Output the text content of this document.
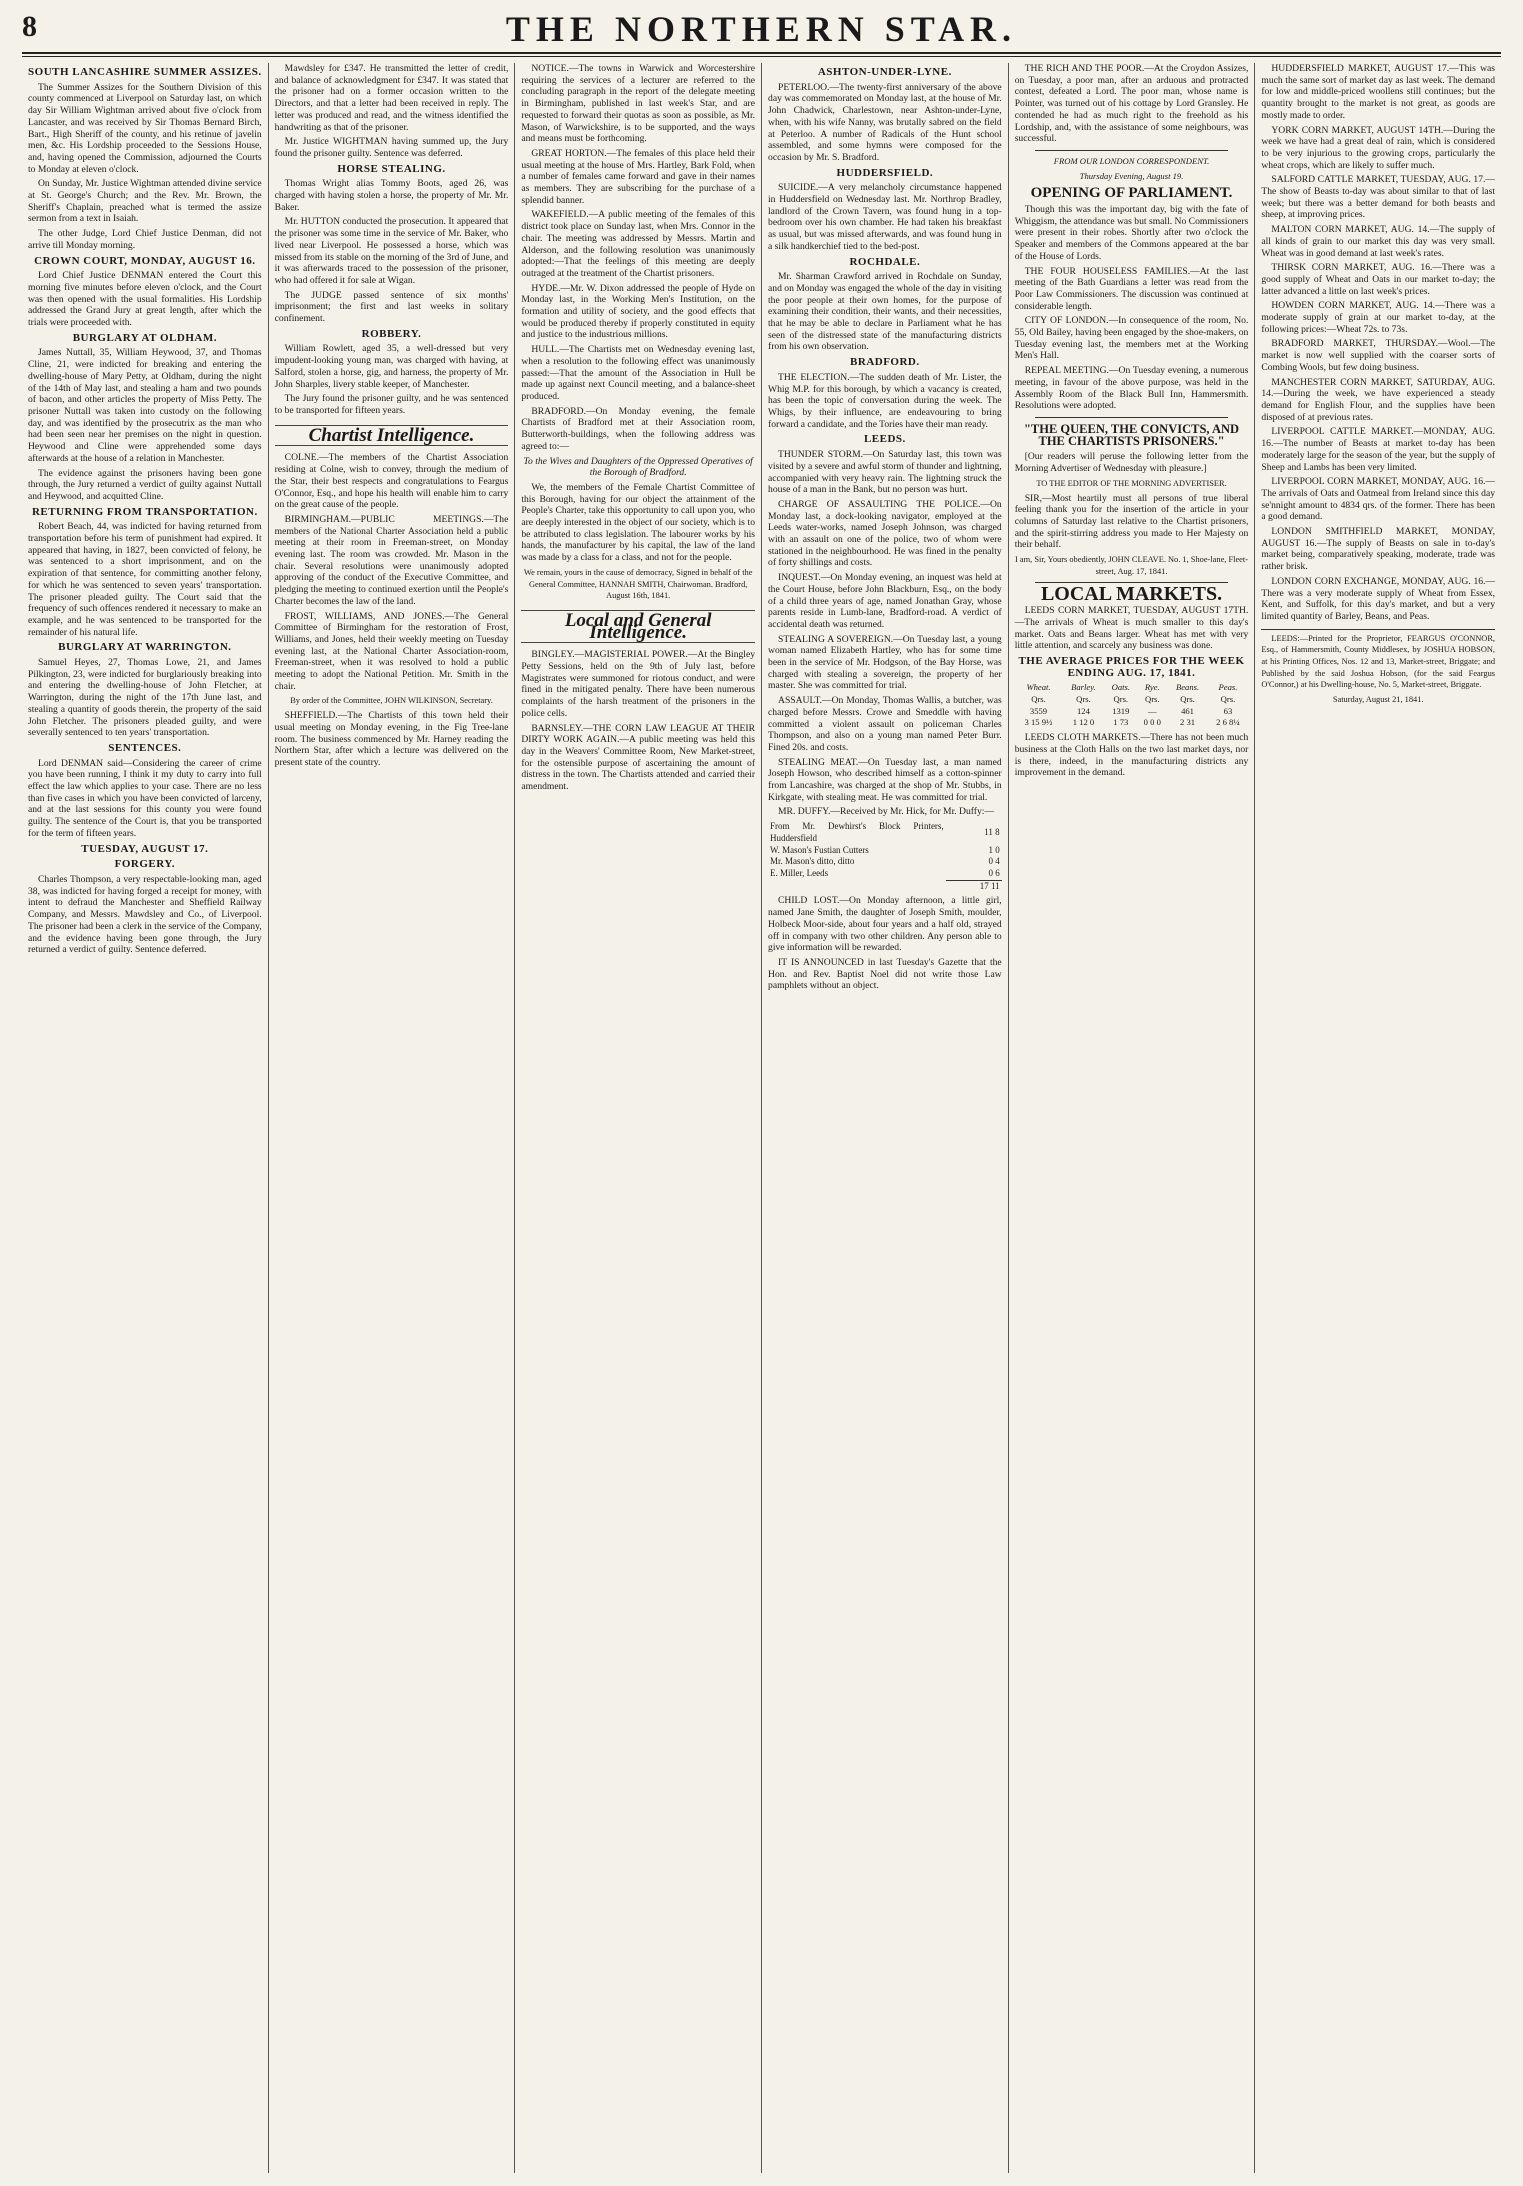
8	THE NORTHERN STAR.
SOUTH LANCASHIRE SUMMER ASSIZES.

The Summer Assizes for the Southern Division of this county commenced at Liverpool on Saturday last, on which day Sir William Wightman arrived about five o'clock from Lancaster, and was received by Sir Thomas Bernard Birch, Bart., High Sheriff of the county, and his retinue of javelin men, &c. His Lordship proceeded to the Sessions House, and, having opened the Commission, adjourned the Courts to Monday at eleven o'clock.

On Sunday, Mr. Justice Wightman attended divine service at St. George's Church; and the Rev. Mr. Brown, the Sheriff's Chaplain, preached what is termed the assize sermon from a text in Isaiah.

The other Judge, Lord Chief Justice Denman, did not arrive till Monday morning.

CROWN COURT, MONDAY, AUGUST 16.

Lord Chief Justice DENMAN entered the Court this morning five minutes before eleven o'clock, and the Court was then opened with the usual formalities. His Lordship addressed the Grand Jury at great length, after which the trials were proceeded with.

BURGLARY AT OLDHAM.

James Nuttall, 35, William Heywood, 37, and Thomas Cline, 21, were indicted for breaking and entering the dwelling-house of Mary Petty, at Oldham, during the night of the 14th of May last, and stealing a ham and two pounds of bacon, and other articles the property of Miss Petty. The prisoner Nuttall was taken into custody on the following day, and was identified by the prosecutrix as the man who had been seen near her premises on the night in question. Heywood and Cline were apprehended some days afterwards at the house of a relation in Manchester.

The evidence against the prisoners having been gone through, the Jury returned a verdict of guilty against Nuttall and Heywood, and acquitted Cline.

RETURNING FROM TRANSPORTATION.

Robert Beach, 44, was indicted for having returned from transportation before his term of punishment had expired. It appeared that having, in 1827, been convicted of felony, he was sentenced to a short imprisonment, and on the expiration of that sentence, for committing another felony, for which he was sentenced to seven years' transportation. The prisoner pleaded guilty. The Court said that the frequency of such offences rendered it necessary to make an example, and he was sentenced to be transported for the remainder of his natural life.

BURGLARY AT WARRINGTON.

Samuel Heyes, 27, Thomas Lowe, 21, and James Pilkington, 23, were indicted for burglariously breaking into and entering the dwelling-house of John Fletcher, at Warrington, during the night of the 17th June last, and stealing a quantity of goods therein, the property of the said John Fletcher. The prisoners pleaded guilty, and were severally sentenced to ten years' transportation.

SENTENCES.

Lord DENMAN said—Considering the career of crime you have been running, I think it my duty to carry into full effect the law which applies to your case. There are no less than five cases in which you have been convicted of larceny, and at the last sessions for this county you were found guilty. The sentence of the Court is, that you be transported for the term of fifteen years.

TUESDAY, AUGUST 17.
FORGERY.

Charles Thompson, a very respectable-looking man, aged 38, was indicted for having forged a receipt for money, with intent to defraud the Manchester and Sheffield Railway Company, and Messrs. Mawdsley and Co., of Liverpool. The prisoner had been a clerk in the service of the Company, and the evidence having been gone through, the Jury returned a verdict of guilty. Sentence deferred.

Mawdsley for £347. He transmitted the letter of credit, and balance of acknowledgment for £347. It was stated that the prisoner had on a former occasion written to the Directors, and that a letter had been received in reply. The letter was produced and read, and the witness identified the handwriting as that of the prisoner.

Mr. Justice WIGHTMAN having summed up, the Jury found the prisoner guilty. Sentence was deferred.

HORSE STEALING.

Thomas Wright alias Tommy Boots, aged 26, was charged with having stolen a horse, the property of Mr. Mr. Baker.

Mr. HUTTON conducted the prosecution. It appeared that the prisoner was some time in the service of Mr. Baker, who lived near Liverpool. He possessed a horse, which was missed from its stable on the morning of the 3rd of June, and it was afterwards traced to the possession of the prisoner, who had offered it for sale at Wigan.

The JUDGE passed sentence of six months' imprisonment; the first and last weeks in solitary confinement.

ROBBERY.

William Rowlett, aged 35, a well-dressed but very impudent-looking young man, was charged with having, at Salford, stolen a horse, gig, and harness, the property of Mr. John Sharples, livery stable keeper, of Manchester.

The Jury found the prisoner guilty, and he was sentenced to be transported for fifteen years.

Chartist Intelligence.

COLNE.—The members of the Chartist Association residing at Colne, wish to convey, through the medium of the Star, their best respects and congratulations to Feargus O'Connor, Esq., and hope his health will enable him to carry on the great cause of the people.

BIRMINGHAM.—PUBLIC MEETINGS.—The members of the National Charter Association held a public meeting at their room in Freeman-street, on Monday evening last. The room was crowded. Mr. Mason in the chair. Several resolutions were unanimously adopted approving of the conduct of the Executive Committee, and pledging the meeting to continued exertion until the People's Charter becomes the law of the land.

FROST, WILLIAMS, AND JONES.—The General Committee of Birmingham for the restoration of Frost, Williams, and Jones, held their weekly meeting on Tuesday evening last, at the National Charter Association-room, Freeman-street, when it was resolved to hold a public meeting to adopt the National Petition. Mr. Smith in the chair.

By order of the Committee, JOHN WILKINSON, Secretary.

SHEFFIELD.—The Chartists of this town held their usual meeting on Monday evening, in the Fig Tree-lane room. The business commenced by Mr. Harney reading the Northern Star, after which a lecture was delivered on the present state of the country.

NOTICE.—The towns in Warwick and Worcestershire requiring the services of a lecturer are referred to the concluding paragraph in the report of the delegate meeting in Birmingham, published in last week's Star, and are requested to forward their quotas as soon as possible, as Mr. Mason, of Warwickshire, is to be supported, and the ways and means must be forthcoming.

GREAT HORTON.—The females of this place held their usual meeting at the house of Mrs. Hartley, Bark Fold, when a number of females came forward and gave in their names as members. They are subscribing for the purchase of a splendid banner.

WAKEFIELD.—A public meeting of the females of this district took place on Sunday last, when Mrs. Connor in the chair. The meeting was addressed by Messrs. Martin and Alderson, and the following resolution was unanimously adopted:—That the feelings of this meeting are deeply outraged at the treatment of the Chartist prisoners.

HYDE.—Mr. W. Dixon addressed the people of Hyde on Monday last, in the Working Men's Institution, on the formation and utility of society, and the good effects that would be produced thereby if properly constituted in equity and justice to the industrious millions.

HULL.—The Chartists met on Wednesday evening last, when a resolution to the following effect was unanimously passed:—That the amount of the Association in Hull be made up against next Council meeting, and a balance-sheet produced.

BRADFORD.—On Monday evening, the female Chartists of Bradford met at their Association room, Butterworth-buildings, when the following address was agreed to:—

To the Wives and Daughters of the Oppressed Operatives of the Borough of Bradford.

We, the members of the Female Chartist Committee of this Borough, having for our object the attainment of the People's Charter, take this opportunity to call upon you, who are deeply interested in the object of our society, which is to be attributed to class legislation. The labourer works by his hands, the manufacturer by his capital, the law of the land was made by a class for a class, and not for the people.

We remain, yours in the cause of democracy, Signed in behalf of the General Committee, HANNAH SMITH, Chairwoman. Bradford, August 16th, 1841.

Local and General Intelligence.

BINGLEY.—MAGISTERIAL POWER.—At the Bingley Petty Sessions, held on the 9th of July last, before Magistrates were summoned for riotous conduct, and were fined in the mitigated penalty. There have been numerous complaints of the harsh treatment of the prisoners in the police cells.

BARNSLEY.—THE CORN LAW LEAGUE AT THEIR DIRTY WORK AGAIN.—A public meeting was held this day in the Weavers' Committee Room, New Market-street, for the ostensible purpose of ascertaining the amount of distress in the town. The Chartists attended and carried their amendment.

ASHTON-UNDER-LYNE.

PETERLOO.—The twenty-first anniversary of the above day was commemorated on Monday last, at the house of Mr. John Chadwick, Charlestown, near Ashton-under-Lyne, when, with his wife Nanny, was brutally sabred on the field at Peterloo. A number of Radicals of the Hunt school assembled, and some hymns were composed for the occasion by Mr. S. Bradford.

HUDDERSFIELD.

SUICIDE.—A very melancholy circumstance happened in Huddersfield on Wednesday last. Mr. Northrop Bradley, landlord of the Crown Tavern, was found hung in a top-bedroom over his own chamber. He had taken his breakfast as usual, but was missed afterwards, and was found hung in a silk handkerchief tied to the bed-post.

ROCHDALE.

Mr. Sharman Crawford arrived in Rochdale on Sunday, and on Monday was engaged the whole of the day in visiting the poor people at their own homes, for the purpose of examining their condition, their wants, and their necessities, that he may be able to declare in Parliament what he has seen of the distressed state of the manufacturing districts from his own observation.

BRADFORD.

THE ELECTION.—The sudden death of Mr. Lister, the Whig M.P. for this borough, by which a vacancy is created, has been the topic of conversation during the week. The Whigs, by their influence, are endeavouring to bring forward a candidate, and the Tories have their man ready.

LEEDS.

THUNDER STORM.—On Saturday last, this town was visited by a severe and awful storm of thunder and lightning, accompanied with very heavy rain. The lightning struck the house of a man in the Bank, but no person was hurt.

CHARGE OF ASSAULTING THE POLICE.—On Monday last, a dock-looking navigator, employed at the Leeds water-works, named Joseph Johnson, was charged with an assault on one of the police, two of whom were stationed in the neighbourhood. He was fined in the penalty of forty shillings and costs.

INQUEST.—On Monday evening, an inquest was held at the Court House, before John Blackburn, Esq., on the body of a child three years of age, named Jonathan Gray, whose parents reside in Lumb-lane, Bradford-road. A verdict of accidental death was returned.

STEALING A SOVEREIGN.—On Tuesday last, a young woman named Elizabeth Hartley, who has for some time been in the service of Mr. Hodgson, of the Bay Horse, was charged with stealing a sovereign, the property of her master. She was committed for trial.

ASSAULT.—On Monday, Thomas Wallis, a butcher, was charged before Messrs. Crowe and Smeddle with having committed a violent assault on policeman Charles Thompson, and also on a young man named Peter Burr. Fined 20s. and costs.

STEALING MEAT.—On Tuesday last, a man named Joseph Howson, who described himself as a cotton-spinner from Lancashire, was charged at the shop of Mr. Stubbs, in Kirkgate, with stealing meat. He was committed for trial.

MR. DUFFY.—Received by Mr. Hick, for Mr. Duffy:—

From Mr. Dewhirst's Block Printers, Huddersfield	11 8
W. Mason's Fustian Cutters	1 0
Mr. Mason's ditto, ditto	0 4
E. Miller, Leeds	0 6
	17 11

CHILD LOST.—On Monday afternoon, a little girl, named Jane Smith, the daughter of Joseph Smith, moulder, Holbeck Moor-side, about four years and a half old, strayed off in company with two other children. Any person able to give information will be rewarded.

IT IS ANNOUNCED in last Tuesday's Gazette that the Hon. and Rev. Baptist Noel did not write those Law pamphlets without an object.

THE RICH AND THE POOR.—At the Croydon Assizes, on Tuesday, a poor man, after an arduous and protracted contest, defeated a Lord. The poor man, whose name is Pointer, was turned out of his cottage by Lord Gransley. He contended he had as much right to the freehold as his Lordship, and, with the assistance of some neighbours, was successful.

FROM OUR LONDON CORRESPONDENT.
Thursday Evening, August 19.
OPENING OF PARLIAMENT.

Though this was the important day, big with the fate of Whiggism, the attendance was but small. No Commissioners were present in their robes. Shortly after two o'clock the Speaker and members of the Commons appeared at the bar of the House of Lords.

THE FOUR HOUSELESS FAMILIES.—At the last meeting of the Bath Guardians a letter was read from the Poor Law Commissioners. The discussion was continued at considerable length.

CITY OF LONDON.—In consequence of the room, No. 55, Old Bailey, having been engaged by the shoe-makers, on Tuesday evening last, the members met at the Working Men's Hall.

REPEAL MEETING.—On Tuesday evening, a numerous meeting, in favour of the above purpose, was held in the Assembly Room of the Black Bull Inn, Hammersmith. Resolutions were adopted.

"THE QUEEN, THE CONVICTS, AND THE CHARTISTS PRISONERS."

[Our readers will peruse the following letter from the Morning Advertiser of Wednesday with pleasure.]

TO THE EDITOR OF THE MORNING ADVERTISER.

SIR,—Most heartily must all persons of true liberal feeling thank you for the insertion of the article in your columns of Saturday last relative to the Chartist prisoners, and the spirit-stirring address you made to Her Majesty on their behalf.

I am, Sir, Yours obediently, JOHN CLEAVE. No. 1, Shoe-lane, Fleet-street, Aug. 17, 1841.

LOCAL MARKETS.

LEEDS CORN MARKET, TUESDAY, AUGUST 17TH.—The arrivals of Wheat is much smaller to this day's market. Oats and Beans larger. Wheat has met with very little attention, and scarcely any business was done.

THE AVERAGE PRICES FOR THE WEEK ENDING AUG. 17, 1841.
Wheat.	Barley.	Oats.	Rye.	Beans.	Peas.
Qrs.	Qrs.	Qrs.	Qrs.	Qrs.	Qrs.
3559	124	1319	—	461	63
3 15 9½	1 12 0	1 73	0 0 0	2 31	2 6 8¼

LEEDS CLOTH MARKETS.—There has not been much business at the Cloth Halls on the two last market days, nor is there, indeed, in the manufacturing districts any improvement in the demand.

HUDDERSFIELD MARKET, AUGUST 17.—This was much the same sort of market day as last week. The demand for low and middle-priced woollens still continues; but the quantity brought to the market is not great, as goods are mostly made to order.

YORK CORN MARKET, AUGUST 14TH.—During the week we have had a great deal of rain, which is considered to be very injurious to the growing crops, particularly the wheat crops, which are likely to suffer much.

SALFORD CATTLE MARKET, TUESDAY, AUG. 17.—The show of Beasts to-day was about similar to that of last week; but there was a better demand for both beasts and sheep, at improving prices.

MALTON CORN MARKET, AUG. 14.—The supply of all kinds of grain to our market this day was very small. Wheat was in good demand at last week's rates.

THIRSK CORN MARKET, AUG. 16.—There was a good supply of Wheat and Oats in our market to-day; the latter advanced a little on last week's prices.

HOWDEN CORN MARKET, AUG. 14.—There was a moderate supply of grain at our market to-day, at the following prices:—Wheat 72s. to 73s.

BRADFORD MARKET, THURSDAY.—Wool.—The market is now well supplied with the coarser sorts of Combing Wools, but few doing business.

MANCHESTER CORN MARKET, SATURDAY, AUG. 14.—During the week, we have experienced a steady demand for English Flour, and the supplies have been disposed of at previous rates.

LIVERPOOL CATTLE MARKET.—MONDAY, AUG. 16.—The number of Beasts at market to-day has been moderately large for the season of the year, but the supply of Sheep and Lambs has been very limited.

LIVERPOOL CORN MARKET, MONDAY, AUG. 16.—The arrivals of Oats and Oatmeal from Ireland since this day se'nnight amount to 4834 qrs. of the former. There has been a good demand.

LONDON SMITHFIELD MARKET, MONDAY, AUGUST 16.—The supply of Beasts on sale in to-day's market being, comparatively speaking, moderate, trade was rather brisk.

LONDON CORN EXCHANGE, MONDAY, AUG. 16.—There was a very moderate supply of Wheat from Essex, Kent, and Suffolk, for this day's market, and but a very limited quantity of Barley, Beans, and Peas.

LEEDS:—Printed for the Proprietor, FEARGUS O'CONNOR, Esq., of Hammersmith, County Middlesex, by JOSHUA HOBSON, at his Printing Offices, Nos. 12 and 13, Market-street, Briggate; and Published by the said Joshua Hobson, (for the said Feargus O'Connor,) at his Dwelling-house, No. 5, Market-street, Briggate.

Saturday, August 21, 1841.
